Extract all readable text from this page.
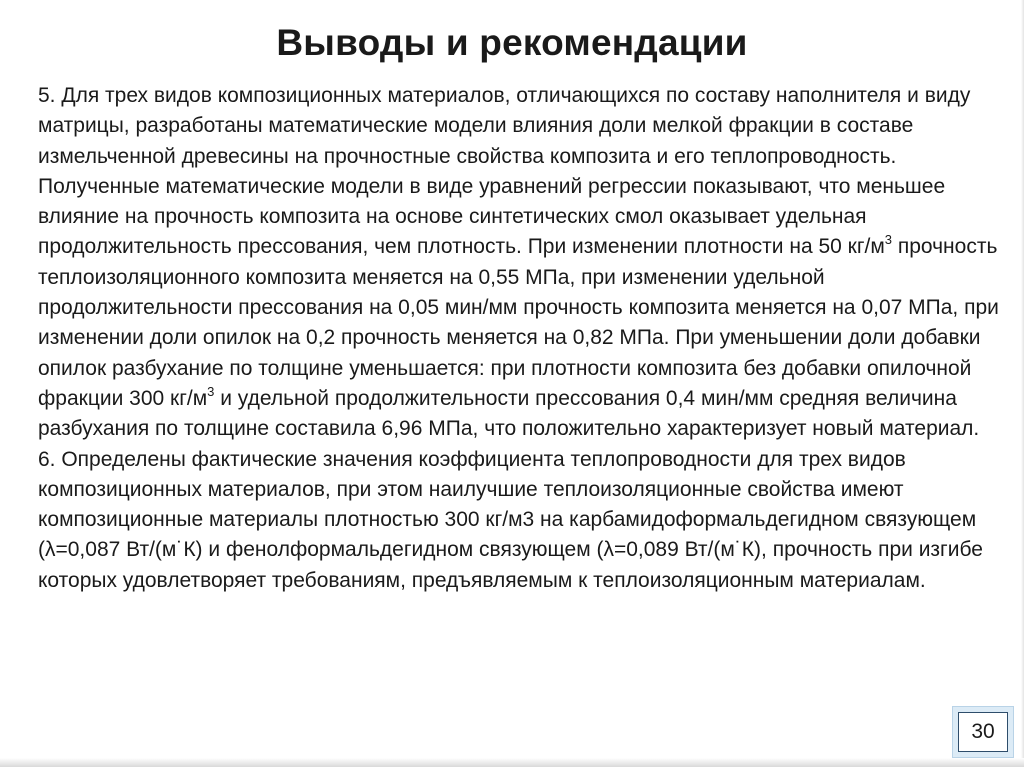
Выводы и рекомендации

5. Для трех видов композиционных материалов, отличающихся по составу наполнителя и виду матрицы, разработаны математические модели влияния доли мелкой фракции в составе измельченной древесины на прочностные свойства композита и его теплопроводность. Полученные математические модели в виде уравнений регрессии показывают, что меньшее влияние на прочность композита на основе синтетических смол оказывает удельная продолжительность прессования, чем плотность. При изменении плотности на 50 $кг/м^3$ прочность теплоизоляционного композита меняется на 0,55 МПа, при изменении удельной продолжительности прессования на 0,05 мин/мм прочность композита меняется на 0,07 МПа, при изменении доли опилок на 0,2 прочность меняется на 0,82 МПа. При уменьшении доли добавки опилок разбухание по толщине уменьшается: при плотности композита без добавки опилочной фракции 300 $кг/м^3$ и удельной продолжительности прессования 0,4 мин/мм средняя величина разбухания по толщине составила 6,96 МПа, что положительно характеризует новый материал.

6. Определены фактические значения коэффициента теплопроводности для трех видов композиционных материалов, при этом наилучшие теплоизоляционные свойства имеют композиционные материалы плотностью 300 кг/м3 на карбамидоформальдегидном связующем (λ=0,087 Вт/(м˙К) и фенолформальдегидном связующем (λ=0,089 Вт/(м˙К), прочность при изгибе которых удовлетворяет требованиям, предъявляемым к теплоизоляционным материалам.

30
